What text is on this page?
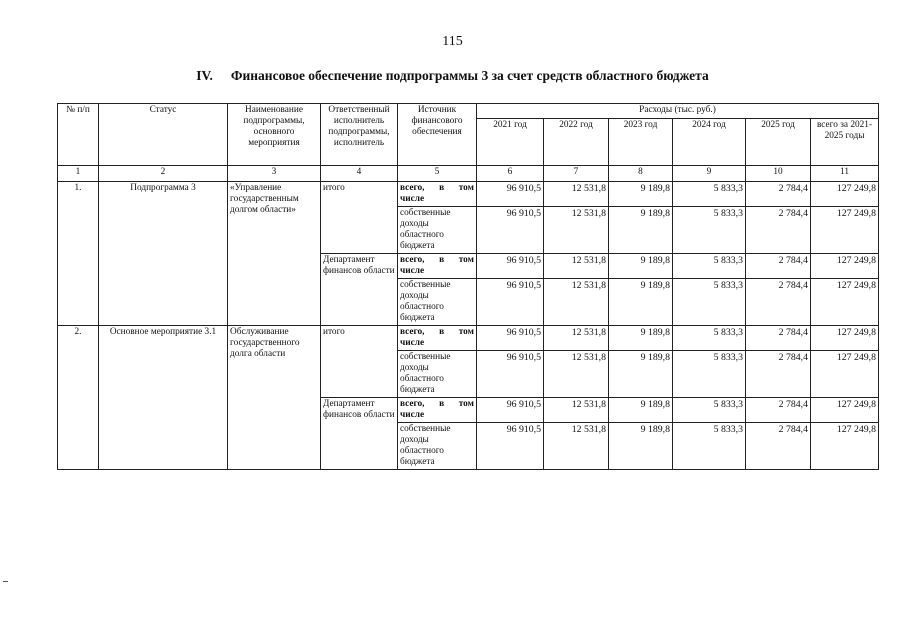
115
IV. Финансовое обеспечение подпрограммы 3 за счет средств областного бюджета
№ п/п	Статус	Наименование подпрограммы, основного мероприятия	Ответственный исполнитель подпрограммы, исполнитель	Источник финансового обеспечения	Расходы (тыс. руб.)					
					2021 год	2022 год	2023 год	2024 год	2025 год	всего за 2021-2025 годы
1	2	3	4	5	6	7	8	9	10	11
1.	Подпрограмма 3	«Управление государственным долгом области»	итого	всего, в том числе	96 910,5	12 531,8	9 189,8	5 833,3	2 784,4	127 249,8
				собственные доходы областного бюджета	96 910,5	12 531,8	9 189,8	5 833,3	2 784,4	127 249,8
			Департамент финансов области	всего, в том числе	96 910,5	12 531,8	9 189,8	5 833,3	2 784,4	127 249,8
				собственные доходы областного бюджета	96 910,5	12 531,8	9 189,8	5 833,3	2 784,4	127 249,8
2.	Основное мероприятие 3.1	Обслуживание государственного долга области	итого	всего, в том числе	96 910,5	12 531,8	9 189,8	5 833,3	2 784,4	127 249,8
				собственные доходы областного бюджета	96 910,5	12 531,8	9 189,8	5 833,3	2 784,4	127 249,8
			Департамент финансов области	всего, в том числе	96 910,5	12 531,8	9 189,8	5 833,3	2 784,4	127 249,8
				собственные доходы областного бюджета	96 910,5	12 531,8	9 189,8	5 833,3	2 784,4	127 249,8
